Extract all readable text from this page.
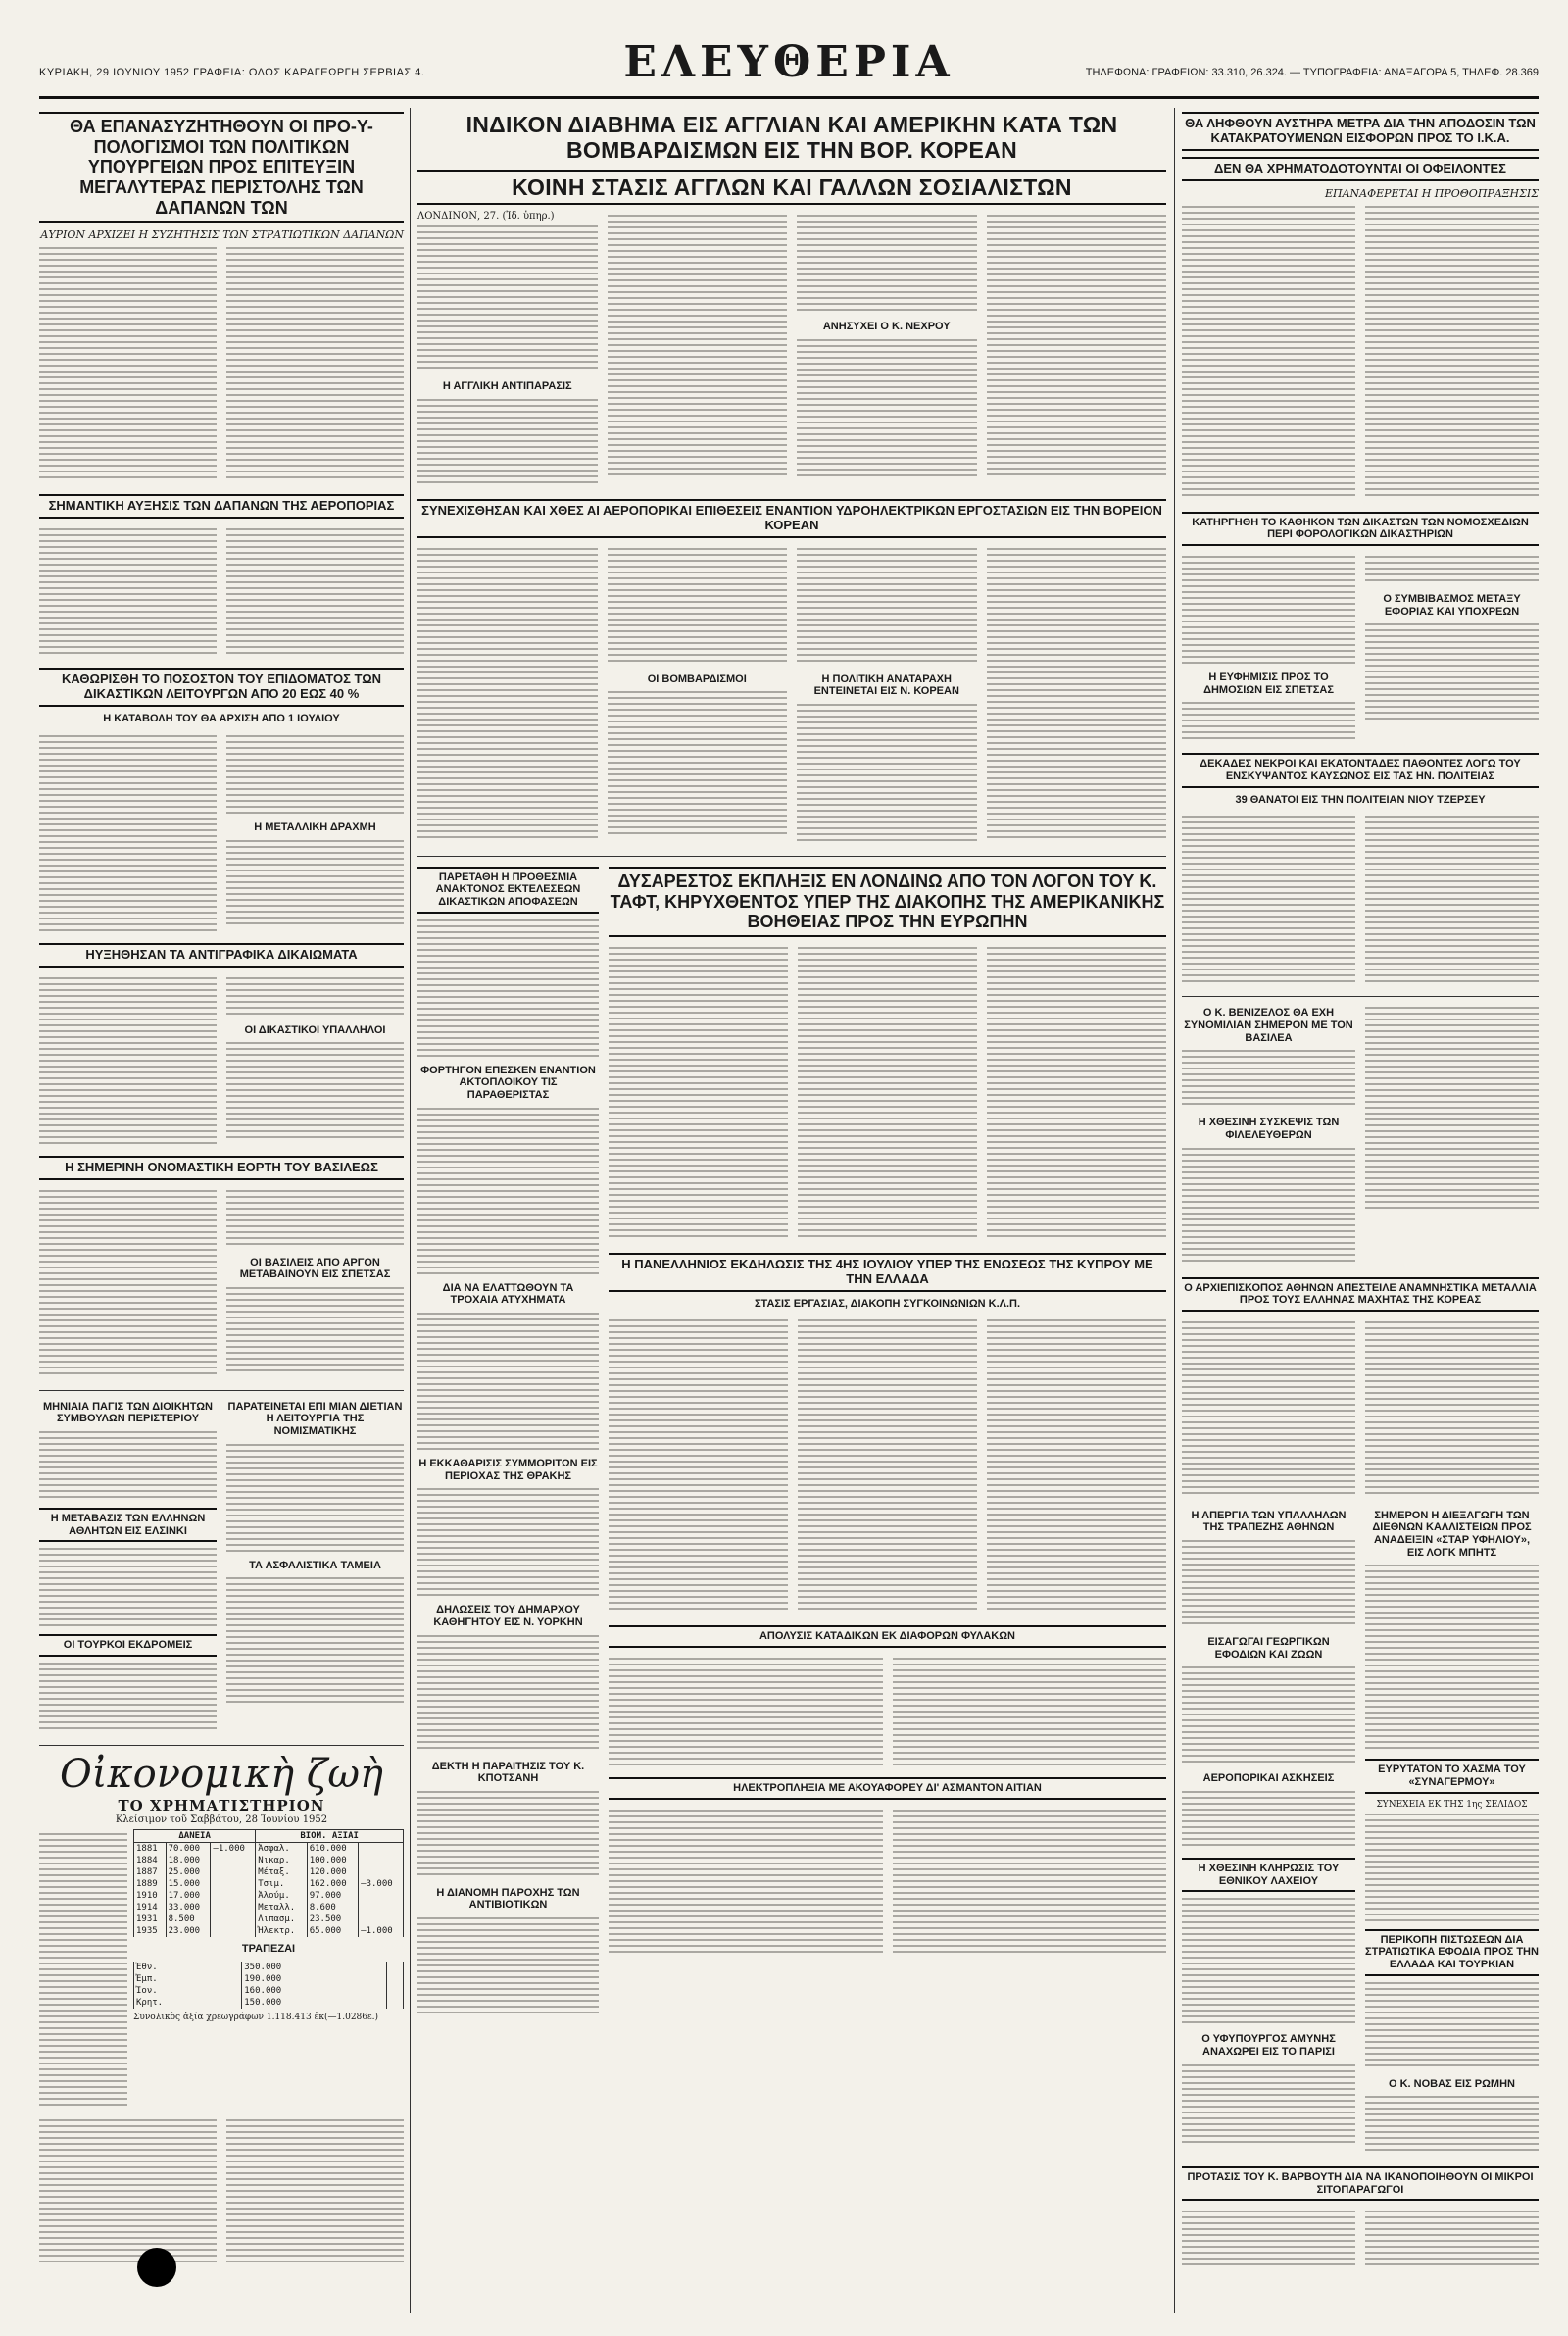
ΚΥΡΙΑΚΗ, 29 ΙΟΥΝΙΟΥ 1952 ΓΡΑΦΕΙΑ: ΟΔΟΣ ΚΑΡΑΓΕΩΡΓΗ ΣΕΡΒΙΑΣ 4.	ΕΛΕΥΘΕΡΙΑ	ΤΗΛΕΦΩΝΑ: ΓΡΑΦΕΙΩΝ: 33.310, 26.324. — ΤΥΠΟΓΡΑΦΕΙΑ: ΑΝΑΞΑΓΟΡΑ 5, ΤΗΛΕΦ. 28.369
ΘΑ ΕΠΑΝΑΣΥΖΗΤΗΘΟΥΝ ΟΙ ΠΡΟ-Υ-ΠΟΛΟΓΙΣΜΟΙ ΤΩΝ ΠΟΛΙΤΙΚΩΝ ΥΠΟΥΡΓΕΙΩΝ ΠΡΟΣ ΕΠΙΤΕΥΞΙΝ ΜΕΓΑΛΥΤΕΡΑΣ ΠΕΡΙΣΤΟΛΗΣ ΤΩΝ ΔΑΠΑΝΩΝ ΤΩΝ
ΑΥΡΙΟΝ ΑΡΧΙΖΕΙ Η ΣΥΖΗΤΗΣΙΣ ΤΩΝ ΣΤΡΑΤΙΩΤΙΚΩΝ ΔΑΠΑΝΩΝ
ΣΗΜΑΝΤΙΚΗ ΑΥΞΗΣΙΣ ΤΩΝ ΔΑΠΑΝΩΝ ΤΗΣ ΑΕΡΟΠΟΡΙΑΣ
ΚΑΘΩΡΙΣΘΗ ΤΟ ΠΟΣΟΣΤΟΝ ΤΟΥ ΕΠΙΔΟΜΑΤΟΣ ΤΩΝ ΔΙΚΑΣΤΙΚΩΝ ΛΕΙΤΟΥΡΓΩΝ ΑΠΟ 20 ΕΩΣ 40 %
Η ΚΑΤΑΒΟΛΗ ΤΟΥ ΘΑ ΑΡΧΙΣΗ ΑΠΟ 1 ΙΟΥΛΙΟΥ
Η ΜΕΤΑΛΛΙΚΗ ΔΡΑΧΜΗ
ΗΥΞΗΘΗΣΑΝ ΤΑ ΑΝΤΙΓΡΑΦΙΚΑ ΔΙΚΑΙΩΜΑΤΑ
ΟΙ ΔΙΚΑΣΤΙΚΟΙ ΥΠΑΛΛΗΛΟΙ
Η ΣΗΜΕΡΙΝΗ ΟΝΟΜΑΣΤΙΚΗ ΕΟΡΤΗ ΤΟΥ ΒΑΣΙΛΕΩΣ
ΟΙ ΒΑΣΙΛΕΙΣ ΑΠΟ ΑΡΓΟΝ ΜΕΤΑΒΑΙΝΟΥΝ ΕΙΣ ΣΠΕΤΣΑΣ
ΜΗΝΙΑΙΑ ΠΑΓΙΣ ΤΩΝ ΔΙΟΙΚΗΤΩΝ ΣΥΜΒΟΥΛΩΝ ΠΕΡΙΣΤΕΡΙΟΥ
Η ΜΕΤΑΒΑΣΙΣ ΤΩΝ ΕΛΛΗΝΩΝ ΑΘΛΗΤΩΝ ΕΙΣ ΕΛΣΙΝΚΙ
ΟΙ ΤΟΥΡΚΟΙ ΕΚΔΡΟΜΕΙΣ
ΠΑΡΑΤΕΙΝΕΤΑΙ ΕΠΙ ΜΙΑΝ ΔΙΕΤΙΑΝ Η ΛΕΙΤΟΥΡΓΙΑ ΤΗΣ ΝΟΜΙΣΜΑΤΙΚΗΣ
ΤΑ ΑΣΦΑΛΙΣΤΙΚΑ ΤΑΜΕΙΑ
Οἰκονομικὴ ζωὴ
ΤΟ ΧΡΗΜΑΤΙΣΤΗΡΙΟΝ
Κλείσιμον τοῦ Σαββάτου, 28 Ἰουνίου 1952
ΔΑΝΕΙΑ			ΒΙΟΜ. ΑΞΙΑΙ		
1881	70.000	—1.000	Ἀσφαλ.	610.000	
1884	18.000		Νικαρ.	100.000	
1887	25.000		Μέταξ.	120.000	
1889	15.000		Τσιμ.	162.000	—3.000
1910	17.000		Ἀλούμ.	97.000	
1914	33.000		Μεταλλ.	8.600	
1931	8.500		Λιπασμ.	23.500	
1935	23.000		Ἠλεκτρ.	65.000	—1.000
ΤΡΑΠΕΖΑΙ
Ἐθν.	350.000	
Ἐμπ.	190.000	
Ἰον.	160.000	
Κρητ.	150.000	
Συνολικὸς ἀξία χρεωγράφων 1.118.413 ἐκ(—1.0286ε.)
ΙΝΔΙΚΟΝ ΔΙΑΒΗΜΑ ΕΙΣ ΑΓΓΛΙΑΝ ΚΑΙ ΑΜΕΡΙΚΗΝ ΚΑΤΑ ΤΩΝ ΒΟΜΒΑΡΔΙΣΜΩΝ ΕΙΣ ΤΗΝ ΒΟΡ. ΚΟΡΕΑΝ
ΚΟΙΝΗ ΣΤΑΣΙΣ ΑΓΓΛΩΝ ΚΑΙ ΓΑΛΛΩΝ ΣΟΣΙΑΛΙΣΤΩΝ
ΛΟΝΔΙΝΟΝ, 27. (Ἰδ. ὑπηρ.)
Η ΑΓΓΛΙΚΗ ΑΝΤΙΠΑΡΑΣΙΣ
ΑΝΗΣΥΧΕΙ Ο Κ. ΝΕΧΡΟΥ
ΣΥΝΕΧΙΣΘΗΣΑΝ ΚΑΙ ΧΘΕΣ ΑΙ ΑΕΡΟΠΟΡΙΚΑΙ ΕΠΙΘΕΣΕΙΣ ΕΝΑΝΤΙΟΝ ΥΔΡΟΗΛΕΚΤΡΙΚΩΝ ΕΡΓΟΣΤΑΣΙΩΝ ΕΙΣ ΤΗΝ ΒΟΡΕΙΟΝ ΚΟΡΕΑΝ
ΟΙ ΒΟΜΒΑΡΔΙΣΜΟΙ	Η ΠΟΛΙΤΙΚΗ ΑΝΑΤΑΡΑΧΗ ΕΝΤΕΙΝΕΤΑΙ ΕΙΣ Ν. ΚΟΡΕΑΝ
ΠΑΡΕΤΑΘΗ Η ΠΡΟΘΕΣΜΙΑ ΑΝΑΚΤΟΝΟΣ ΕΚΤΕΛΕΣΕΩΝ ΔΙΚΑΣΤΙΚΩΝ ΑΠΟΦΑΣΕΩΝ
ΦΟΡΤΗΓΟΝ ΕΠΕΣΚΕΝ ΕΝΑΝΤΙΟΝ ΑΚΤΟΠΛΟΙΚΟΥ ΤΙΣ ΠΑΡΑΘΕΡΙΣΤΑΣ
ΔΙΑ ΝΑ ΕΛΑΤΤΩΘΟΥΝ ΤΑ ΤΡΟΧΑΙΑ ΑΤΥΧΗΜΑΤΑ
Η ΕΚΚΑΘΑΡΙΣΙΣ ΣΥΜΜΟΡΙΤΩΝ ΕΙΣ ΠΕΡΙΟΧΑΣ ΤΗΣ ΘΡΑΚΗΣ
ΔΗΛΩΣΕΙΣ ΤΟΥ ΔΗΜΑΡΧΟΥ ΚΑΘΗΓΗΤΟΥ ΕΙΣ Ν. ΥΟΡΚΗΝ
ΔΕΚΤΗ Η ΠΑΡΑΙΤΗΣΙΣ ΤΟΥ Κ. ΚΠΟΤΣΑΝΗ
Η ΔΙΑΝΟΜΗ ΠΑΡΟΧΗΣ ΤΩΝ ΑΝΤΙΒΙΟΤΙΚΩΝ
ΔΥΣΑΡΕΣΤΟΣ ΕΚΠΛΗΞΙΣ ΕΝ ΛΟΝΔΙΝΩ ΑΠΟ ΤΟΝ ΛΟΓΟΝ ΤΟΥ Κ. ΤΑΦΤ, ΚΗΡΥΧΘΕΝΤΟΣ ΥΠΕΡ ΤΗΣ ΔΙΑΚΟΠΗΣ ΤΗΣ ΑΜΕΡΙΚΑΝΙΚΗΣ ΒΟΗΘΕΙΑΣ ΠΡΟΣ ΤΗΝ ΕΥΡΩΠΗΝ
Η ΠΑΝΕΛΛΗΝΙΟΣ ΕΚΔΗΛΩΣΙΣ ΤΗΣ 4ΗΣ ΙΟΥΛΙΟΥ ΥΠΕΡ ΤΗΣ ΕΝΩΣΕΩΣ ΤΗΣ ΚΥΠΡΟΥ ΜΕ ΤΗΝ ΕΛΛΑΔΑ
ΣΤΑΣΙΣ ΕΡΓΑΣΙΑΣ, ΔΙΑΚΟΠΗ ΣΥΓΚΟΙΝΩΝΙΩΝ Κ.Λ.Π.
ΑΠΟΛΥΣΙΣ ΚΑΤΑΔΙΚΩΝ ΕΚ ΔΙΑΦΟΡΩΝ ΦΥΛΑΚΩΝ
ΗΛΕΚΤΡΟΠΛΗΞΙΑ ΜΕ ΑΚΟΥΑΦΟΡΕΥ ΔΙ' ΑΣΜΑΝΤΟΝ ΑΙΤΙΑΝ
ΘΑ ΛΗΦΘΟΥΝ ΑΥΣΤΗΡΑ ΜΕΤΡΑ ΔΙΑ ΤΗΝ ΑΠΟΔΟΣΙΝ ΤΩΝ ΚΑΤΑΚΡΑΤΟΥΜΕΝΩΝ ΕΙΣΦΟΡΩΝ ΠΡΟΣ ΤΟ Ι.Κ.Α.
ΔΕΝ ΘΑ ΧΡΗΜΑΤΟΔΟΤΟΥΝΤΑΙ ΟΙ ΟΦΕΙΛΟΝΤΕΣ
ΕΠΑΝΑΦΕΡΕΤΑΙ Η ΠΡΟΘΟΠΡΑΞΗΣΙΣ
ΚΑΤΗΡΓΗΘΗ ΤΟ ΚΑΘΗΚΟΝ ΤΩΝ ΔΙΚΑΣΤΩΝ ΤΩΝ ΝΟΜΟΣΧΕΔΙΩΝ ΠΕΡΙ ΦΟΡΟΛΟΓΙΚΩΝ ΔΙΚΑΣΤΗΡΙΩΝ
Η ΕΥΦΗΜΙΣΙΣ ΠΡΟΣ ΤΟ ΔΗΜΟΣΙΩΝ ΕΙΣ ΣΠΕΤΣΑΣ
Ο ΣΥΜΒΙΒΑΣΜΟΣ ΜΕΤΑΞΥ ΕΦΟΡΙΑΣ ΚΑΙ ΥΠΟΧΡΕΩΝ
ΔΕΚΑΔΕΣ ΝΕΚΡΟΙ ΚΑΙ ΕΚΑΤΟΝΤΑΔΕΣ ΠΑΘΟΝΤΕΣ ΛΟΓΩ ΤΟΥ ΕΝΣΚΥΨΑΝΤΟΣ ΚΑΥΣΩΝΟΣ ΕΙΣ ΤΑΣ ΗΝ. ΠΟΛΙΤΕΙΑΣ
39 ΘΑΝΑΤΟΙ ΕΙΣ ΤΗΝ ΠΟΛΙΤΕΙΑΝ ΝΙΟΥ ΤΖΕΡΣΕΥ
Ο Κ. ΒΕΝΙΖΕΛΟΣ ΘΑ ΕΧΗ ΣΥΝΟΜΙΛΙΑΝ ΣΗΜΕΡΟΝ ΜΕ ΤΟΝ ΒΑΣΙΛΕΑ
Η ΧΘΕΣΙΝΗ ΣΥΣΚΕΨΙΣ ΤΩΝ ΦΙΛΕΛΕΥΘΕΡΩΝ
Ο ΑΡΧΙΕΠΙΣΚΟΠΟΣ ΑΘΗΝΩΝ ΑΠΕΣΤΕΙΛΕ ΑΝΑΜΝΗΣΤΙΚΑ ΜΕΤΑΛΛΙΑ ΠΡΟΣ ΤΟΥΣ ΕΛΛΗΝΑΣ ΜΑΧΗΤΑΣ ΤΗΣ ΚΟΡΕΑΣ
Η ΑΠΕΡΓΙΑ ΤΩΝ ΥΠΑΛΛΗΛΩΝ ΤΗΣ ΤΡΑΠΕΖΗΣ ΑΘΗΝΩΝ
ΕΙΣΑΓΩΓΑΙ ΓΕΩΡΓΙΚΩΝ ΕΦΟΔΙΩΝ ΚΑΙ ΖΩΩΝ
ΑΕΡΟΠΟΡΙΚΑΙ ΑΣΚΗΣΕΙΣ
Η ΧΘΕΣΙΝΗ ΚΛΗΡΩΣΙΣ ΤΟΥ ΕΘΝΙΚΟΥ ΛΑΧΕΙΟΥ
Ο ΥΦΥΠΟΥΡΓΟΣ ΑΜΥΝΗΣ ΑΝΑΧΩΡΕΙ ΕΙΣ ΤΟ ΠΑΡΙΣΙ
ΣΗΜΕΡΟΝ Η ΔΙΕΞΑΓΩΓΗ ΤΩΝ ΔΙΕΘΝΩΝ ΚΑΛΛΙΣΤΕΙΩΝ ΠΡΟΣ ΑΝΑΔΕΙΞΙΝ «ΣΤΑΡ ΥΦΗΛΙΟΥ», ΕΙΣ ΛΟΓΚ ΜΠΗΤΣ
ΕΥΡΥΤΑΤΟΝ ΤΟ ΧΑΣΜΑ ΤΟΥ «ΣΥΝΑΓΕΡΜΟΥ»
ΣΥΝΕΧΕΙΑ ΕΚ ΤΗΣ 1ης ΣΕΛΙΔΟΣ
ΠΕΡΙΚΟΠΗ ΠΙΣΤΩΣΕΩΝ ΔΙΑ ΣΤΡΑΤΙΩΤΙΚΑ ΕΦΟΔΙΑ ΠΡΟΣ ΤΗΝ ΕΛΛΑΔΑ ΚΑΙ ΤΟΥΡΚΙΑΝ
Ο Κ. ΝΟΒΑΣ ΕΙΣ ΡΩΜΗΝ
ΠΡΟΤΑΣΙΣ ΤΟΥ Κ. ΒΑΡΒΟΥΤΗ ΔΙΑ ΝΑ ΙΚΑΝΟΠΟΙΗΘΟΥΝ ΟΙ ΜΙΚΡΟΙ ΣΙΤΟΠΑΡΑΓΩΓΟΙ
